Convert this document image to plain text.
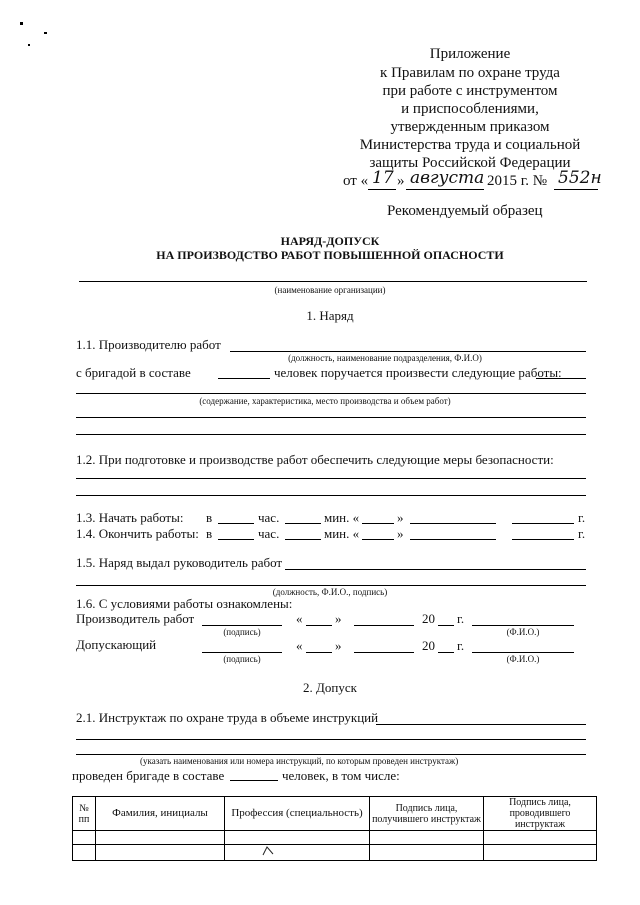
Приложение
к Правилам по охране труда
при работе с инструментом
и приспособлениями,
утвержденным приказом
Министерства труда и социальной
защиты Российской Федерации
от « 17 » августа 2015 г. № 552н
Рекомендуемый образец
НАРЯД-ДОПУСК
НА ПРОИЗВОДСТВО РАБОТ ПОВЫШЕННОЙ ОПАСНОСТИ
(наименование организации)
1. Наряд
1.1. Производителю работ
(должность, наименование подразделения, Ф.И.О)
с бригадой в составе	человек поручается произвести следующие работы:
(содержание, характеристика, место производства и объем работ)
1.2. При подготовке и производстве работ обеспечить следующие меры безопасности:
1.3. Начать работы: в	час.	мин. «	»	г.
1.4. Окончить работы: в	час.	мин. «	»	г.
1.5. Наряд выдал руководитель работ
(должность, Ф.И.О., подпись)
1.6. С условиями работы ознакомлены:
Производитель работ
(подпись)
«	»	20 г.
(Ф.И.О.)
Допускающий
(подпись)
«	»	20 г.
(Ф.И.О.)
2. Допуск
2.1. Инструктаж по охране труда в объеме инструкций
(указать наименования или номера инструкций, по которым проведен инструктаж)
проведен бригаде в составе	человек, в том числе:
№ пп	Фамилия, инициалы	Профессия (специальность)	Подпись лица, получившего инструктаж	Подпись лица, проводившего инструктаж
